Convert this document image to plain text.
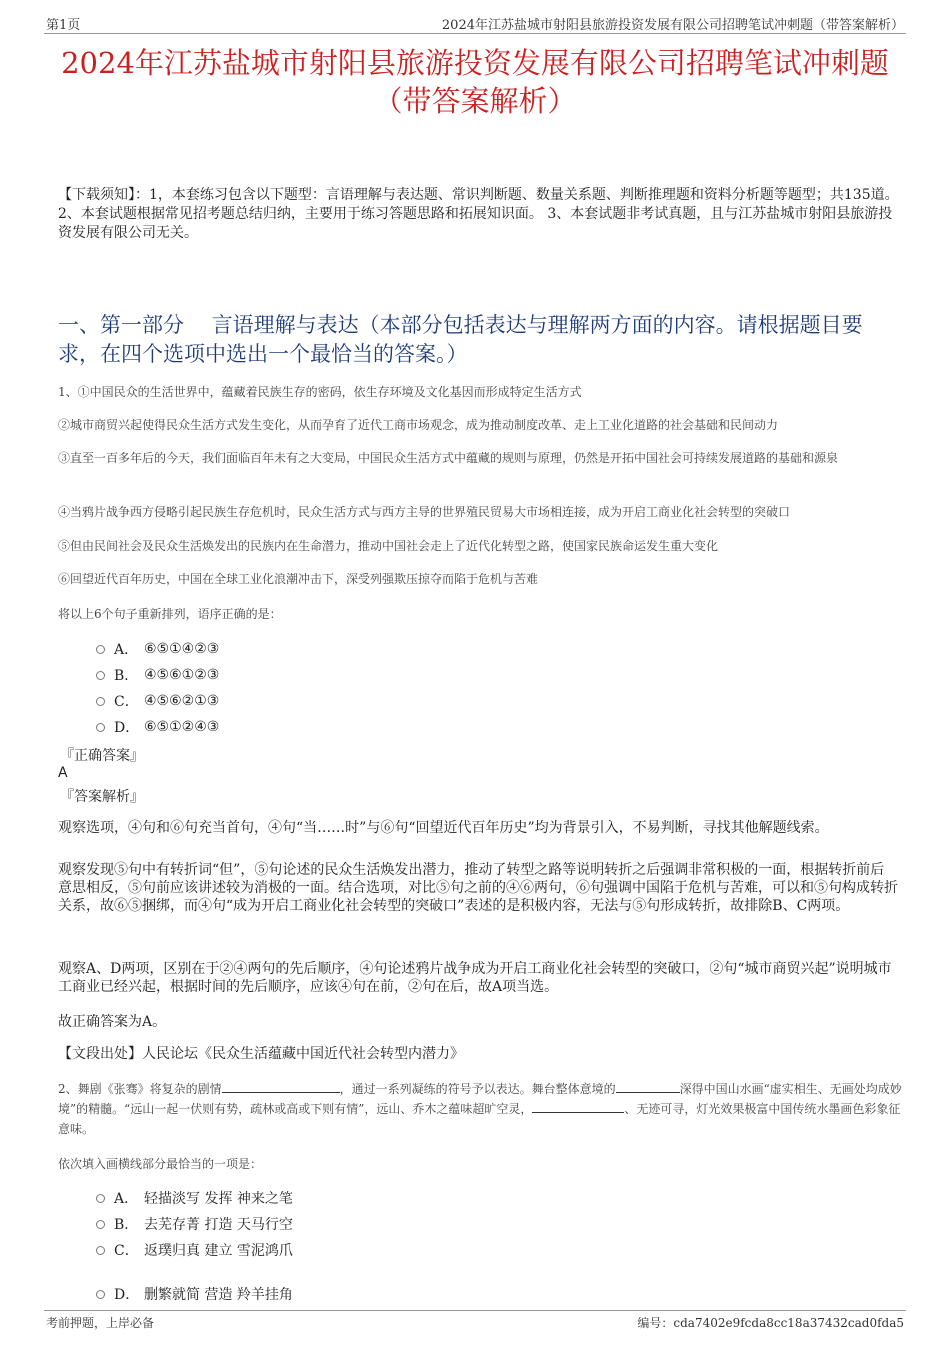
第1页	2024年江苏盐城市射阳县旅游投资发展有限公司招聘笔试冲刺题（带答案解析）
2024年江苏盐城市射阳县旅游投资发展有限公司招聘笔试冲刺题（带答案解析）
【下载须知】：1，本套练习包含以下题型：言语理解与表达题、常识判断题、数量关系题、判断推理题和资料分析题等题型；共135道。 2、本套试题根据常见招考题总结归纳，主要用于练习答题思路和拓展知识面。 3、本套试题非考试真题，且与江苏盐城市射阳县旅游投资发展有限公司无关。
一、第一部分　 言语理解与表达（本部分包括表达与理解两方面的内容。请根据题目要求，在四个选项中选出一个最恰当的答案。）
1、①中国民众的生活世界中，蕴藏着民族生存的密码，依生存环境及文化基因而形成特定生活方式
②城市商贸兴起使得民众生活方式发生变化，从而孕育了近代工商市场观念，成为推动制度改革、走上工业化道路的社会基础和民间动力
③直至一百多年后的今天，我们面临百年未有之大变局，中国民众生活方式中蕴藏的规则与原理，仍然是开拓中国社会可持续发展道路的基础和源泉
④当鸦片战争西方侵略引起民族生存危机时，民众生活方式与西方主导的世界殖民贸易大市场相连接，成为开启工商业化社会转型的突破口
⑤但由民间社会及民众生活焕发出的民族内在生命潜力，推动中国社会走上了近代化转型之路，使国家民族命运发生重大变化
⑥回望近代百年历史，中国在全球工业化浪潮冲击下，深受列强欺压掠夺而陷于危机与苦难
将以上6个句子重新排列，语序正确的是：
A． ⑥⑤①④②③
B． ④⑤⑥①②③
C． ④⑤⑥②①③
D． ⑥⑤①②④③
『正确答案』
A
『答案解析』
观察选项，④句和⑥句充当首句，④句“当……时”与⑥句“回望近代百年历史”均为背景引入，不易判断，寻找其他解题线索。
观察发现⑤句中有转折词“但”，⑤句论述的民众生活焕发出潜力，推动了转型之路等说明转折之后强调非常积极的一面，根据转折前后意思相反，⑤句前应该讲述较为消极的一面。结合选项，对比⑤句之前的④⑥两句，⑥句强调中国陷于危机与苦难，可以和⑤句构成转折关系，故⑥⑤捆绑，而④句“成为开启工商业化社会转型的突破口”表述的是积极内容，无法与⑤句形成转折，故排除B、C两项。
观察A、D两项，区别在于②④两句的先后顺序，④句论述鸦片战争成为开启工商业化社会转型的突破口，②句“城市商贸兴起”说明城市工商业已经兴起，根据时间的先后顺序，应该④句在前，②句在后，故A项当选。
故正确答案为A。
【文段出处】人民论坛《民众生活蕴藏中国近代社会转型内潜力》
2、舞剧《张骞》将复杂的剧情	，通过一系列凝练的符号予以表达。舞台整体意境的	深得中国山水画“虚实相生、无画处均成妙境”的精髓。“远山一起一伏则有势，疏林或高或下则有情”，远山、乔木之蕴味超旷空灵，	、无迹可寻，灯光效果极富中国传统水墨画色彩象征意味。
依次填入画横线部分最恰当的一项是：
A． 轻描淡写 发挥 神来之笔
B． 去芜存菁 打造 天马行空
C． 返璞归真 建立 雪泥鸿爪
D． 删繁就简 营造 羚羊挂角
考前押题，上岸必备	编号：cda7402e9fcda8cc18a37432cad0fda5
